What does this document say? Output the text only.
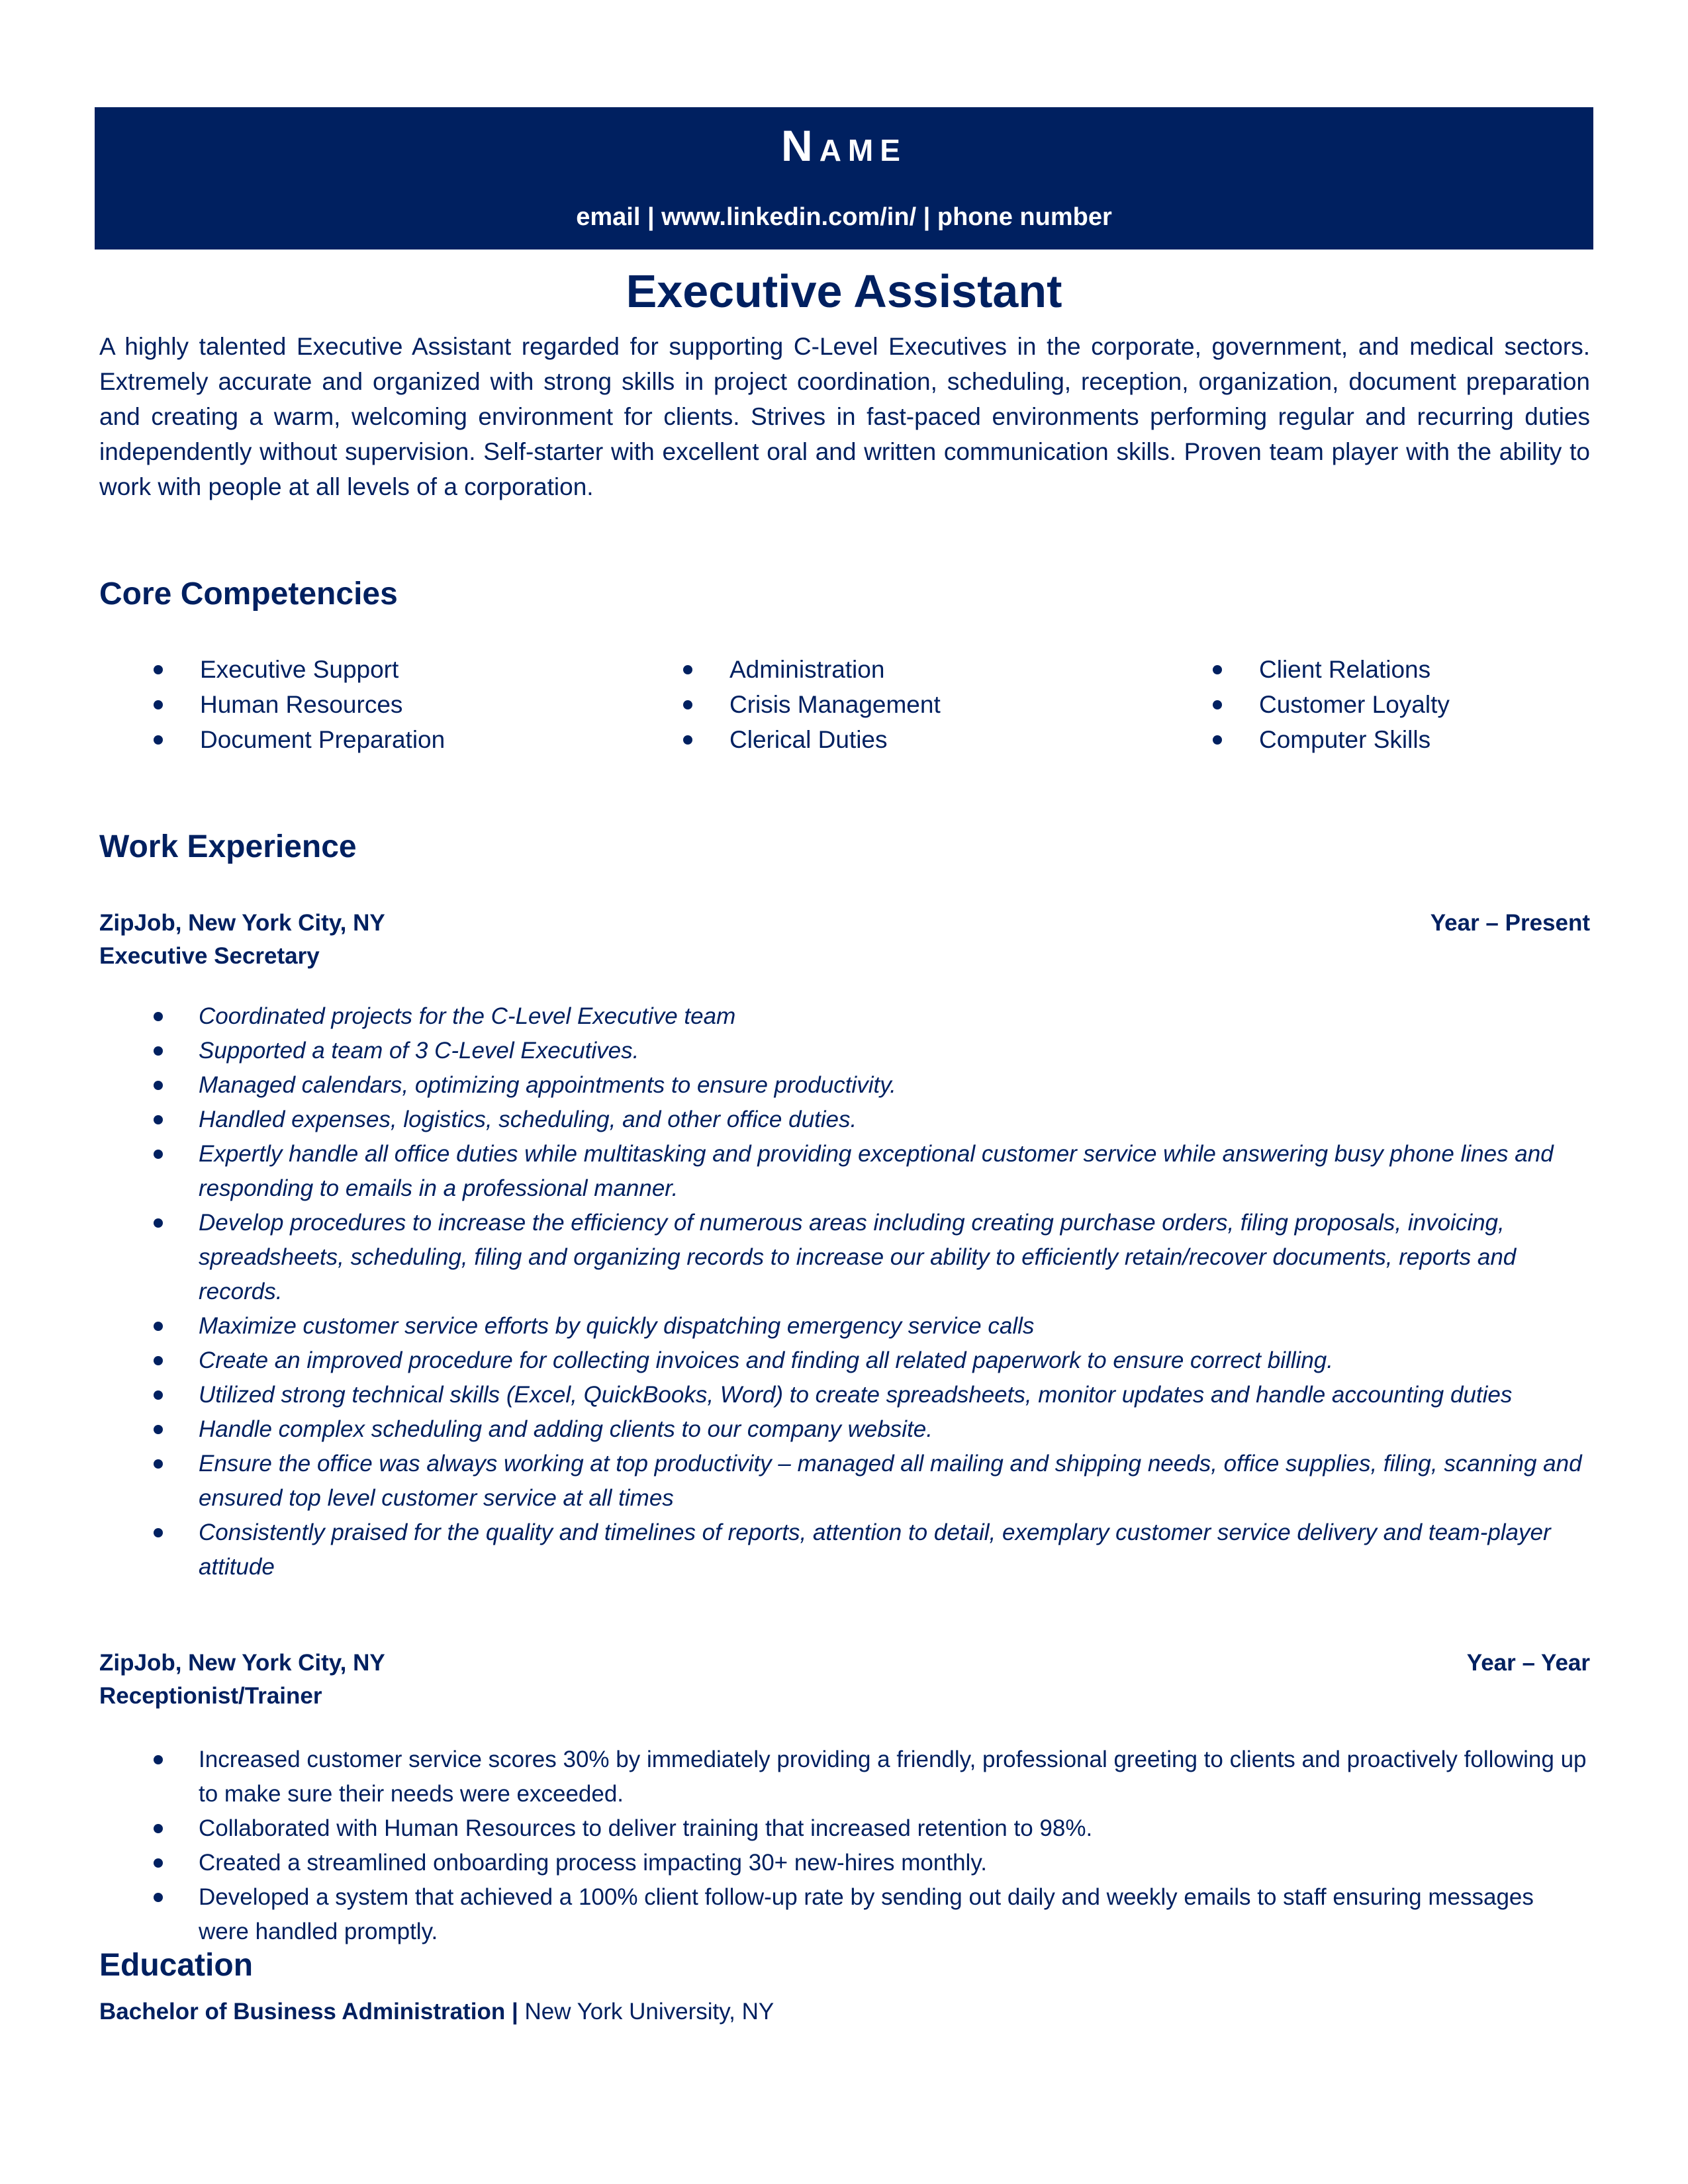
Name
email | www.linkedin.com/in/ | phone number
Executive Assistant
A highly talented Executive Assistant regarded for supporting C-Level Executives in the corporate, government, and medical sectors. Extremely accurate and organized with strong skills in project coordination, scheduling, reception, organization, document preparation and creating a warm, welcoming environment for clients. Strives in fast-paced environments performing regular and recurring duties independently without supervision. Self-starter with excellent oral and written communication skills. Proven team player with the ability to work with people at all levels of a corporation.
Core Competencies
Executive Support
Human Resources
Document Preparation
Administration
Crisis Management
Clerical Duties
Client Relations
Customer Loyalty
Computer Skills
Work Experience
ZipJob, New York City, NY	Year – Present
Executive Secretary
Coordinated projects for the C-Level Executive team
Supported a team of 3 C-Level Executives.
Managed calendars, optimizing appointments to ensure productivity.
Handled expenses, logistics, scheduling, and other office duties.
Expertly handle all office duties while multitasking and providing exceptional customer service while answering busy phone lines and responding to emails in a professional manner.
Develop procedures to increase the efficiency of numerous areas including creating purchase orders, filing proposals, invoicing, spreadsheets, scheduling, filing and organizing records to increase our ability to efficiently retain/recover documents, reports and records.
Maximize customer service efforts by quickly dispatching emergency service calls
Create an improved procedure for collecting invoices and finding all related paperwork to ensure correct billing.
Utilized strong technical skills (Excel, QuickBooks, Word) to create spreadsheets, monitor updates and handle accounting duties
Handle complex scheduling and adding clients to our company website.
Ensure the office was always working at top productivity – managed all mailing and shipping needs, office supplies, filing, scanning and ensured top level customer service at all times
Consistently praised for the quality and timelines of reports, attention to detail, exemplary customer service delivery and team-player attitude
ZipJob, New York City, NY	Year – Year
Receptionist/Trainer
Increased customer service scores 30% by immediately providing a friendly, professional greeting to clients and proactively following up to make sure their needs were exceeded.
Collaborated with Human Resources to deliver training that increased retention to 98%.
Created a streamlined onboarding process impacting 30+ new-hires monthly.
Developed a system that achieved a 100% client follow-up rate by sending out daily and weekly emails to staff ensuring messages were handled promptly.
Education
Bachelor of Business Administration | New York University, NY
